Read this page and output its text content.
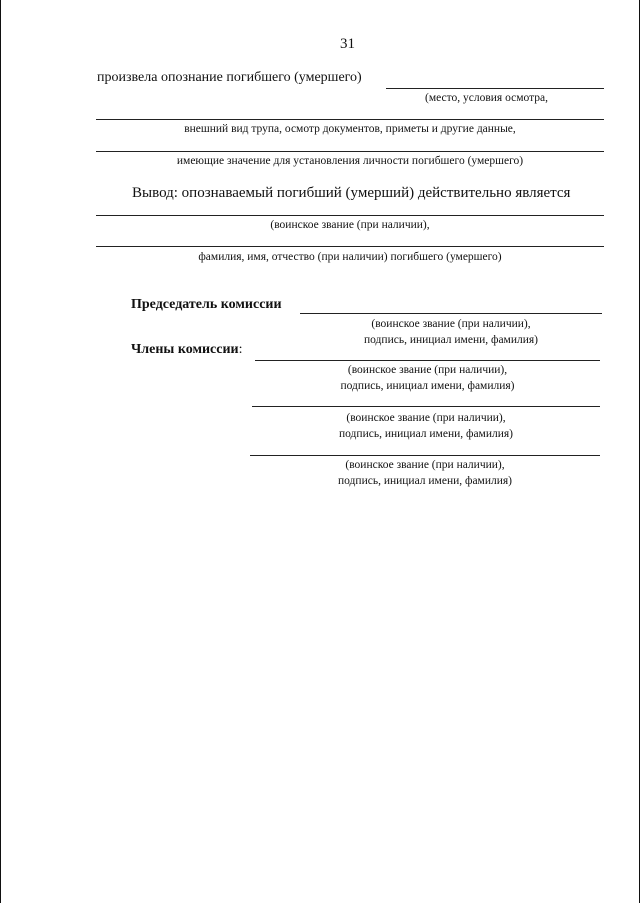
31
произвела опознание погибшего (умершего)
(место, условия осмотра,
внешний вид трупа, осмотр документов, приметы и другие данные,
имеющие значение для установления личности погибшего (умершего)
Вывод: опознаваемый погибший (умерший) действительно является
(воинское звание (при наличии),
фамилия, имя, отчество (при наличии) погибшего (умершего)
Председатель комиссии
(воинское звание (при наличии),
подпись, инициал имени, фамилия)
Члены комиссии:
(воинское звание (при наличии),
подпись, инициал имени, фамилия)
(воинское звание (при наличии),
подпись, инициал имени, фамилия)
(воинское звание (при наличии),
подпись, инициал имени, фамилия)
